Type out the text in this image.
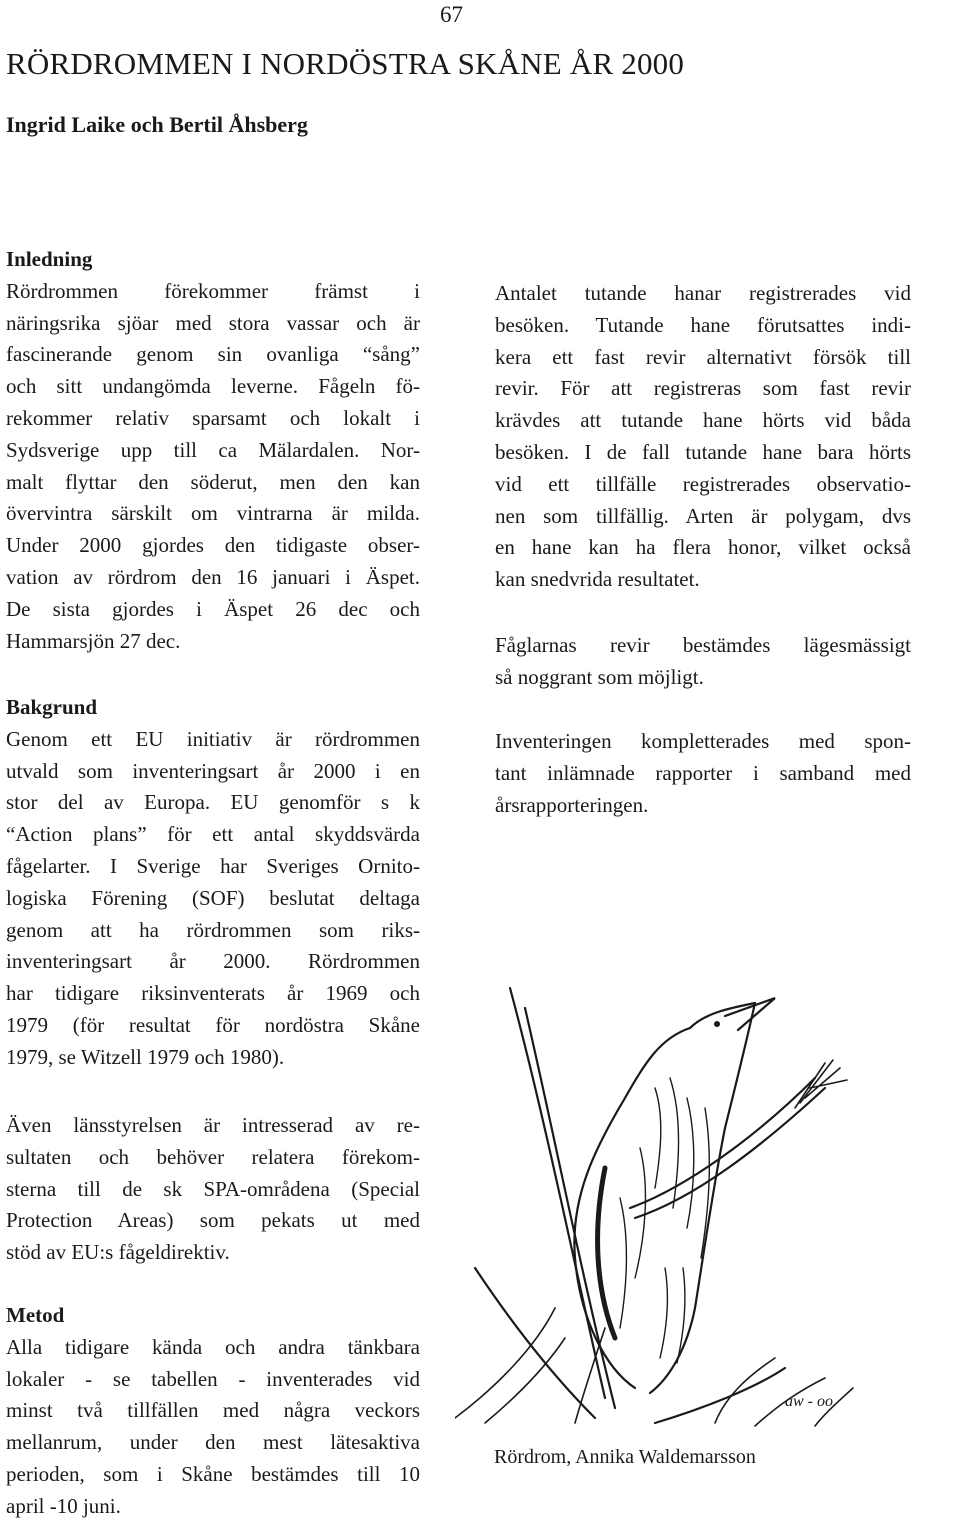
67
RÖRDROMMEN I NORDÖSTRA SKÅNE ÅR 2000
Ingrid Laike och Bertil Åhsberg
Inledning
Rördrommen förekommer främst i
näringsrika sjöar med stora vassar och är
fascinerande genom sin ovanliga “sång”
och sitt undangömda leverne. Fågeln fö-
rekommer relativ sparsamt och lokalt i
Sydsverige upp till ca Mälardalen. Nor-
malt flyttar den söderut, men den kan
övervintra särskilt om vintrarna är milda.
Under 2000 gjordes den tidigaste obser-
vation av rördrom den 16 januari i Äspet.
De sista gjordes i Äspet 26 dec och
Hammarsjön 27 dec.
Bakgrund
Genom ett EU initiativ är rördrommen
utvald som inventeringsart år 2000 i en
stor del av Europa. EU genomför s k
“Action plans” för ett antal skyddsvärda
fågelarter. I Sverige har Sveriges Ornito-
logiska Förening (SOF) beslutat deltaga
genom att ha rördrommen som riks-
inventeringsart år 2000. Rördrommen
har tidigare riksinventerats år 1969 och
1979 (för resultat för nordöstra Skåne
1979, se Witzell 1979 och 1980).
Även länsstyrelsen är intresserad av re-
sultaten och behöver relatera förekom-
sterna till de sk SPA-områdena (Special
Protection Areas) som pekats ut med
stöd av EU:s fågeldirektiv.
Metod
Alla tidigare kända och andra tänkbara
lokaler - se tabellen - inventerades vid
minst två tillfällen med några veckors
mellanrum, under den mest lätesaktiva
perioden, som i Skåne bestämdes till 10
april -10 juni.
Antalet tutande hanar registrerades vid
besöken. Tutande hane förutsattes indi-
kera ett fast revir alternativt försök till
revir. För att registreras som fast revir
krävdes att tutande hane hörts vid båda
besöken. I de fall tutande hane bara hörts
vid ett tillfälle registrerades observatio-
nen som tillfällig. Arten är polygam, dvs
en hane kan ha flera honor, vilket också
kan snedvrida resultatet.
Fåglarnas revir bestämdes lägesmässigt
så noggrant som möjligt.
Inventeringen kompletterades med spon-
tant inlämnade rapporter i samband med
årsrapporteringen.
aw - oo
Rördrom, Annika Waldemarsson
